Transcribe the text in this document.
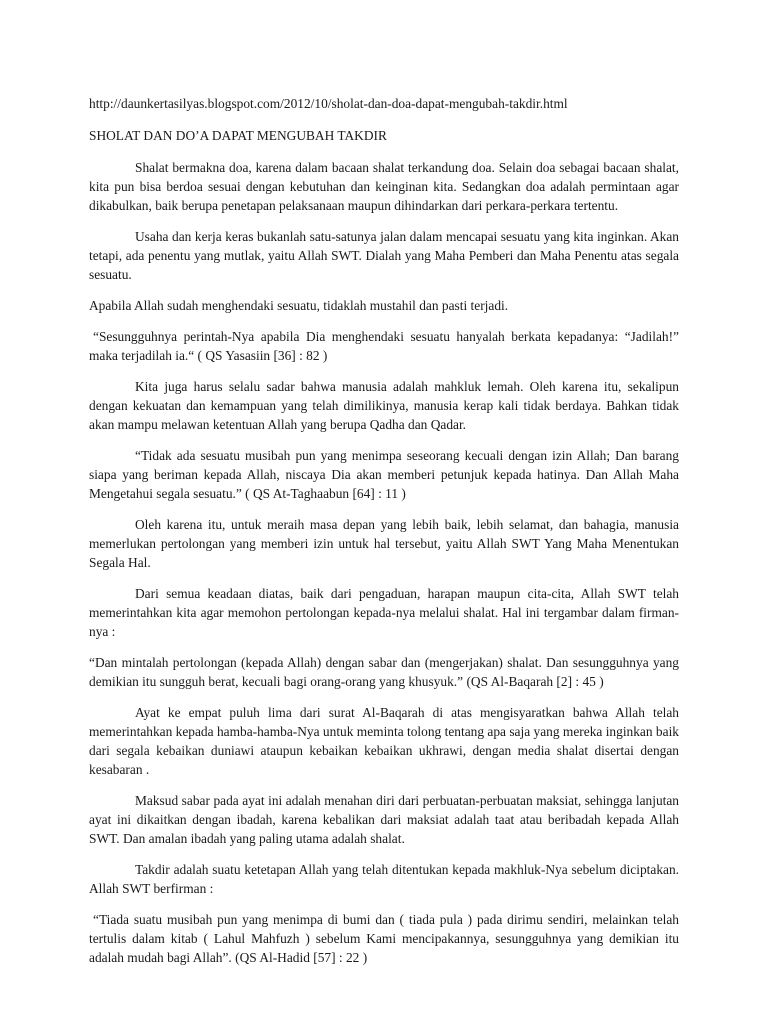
http://daunkertasilyas.blogspot.com/2012/10/sholat-dan-doa-dapat-mengubah-takdir.html

SHOLAT DAN DO’A DAPAT MENGUBAH TAKDIR

Shalat bermakna doa, karena dalam bacaan shalat terkandung doa. Selain doa sebagai bacaan shalat, kita pun bisa berdoa sesuai dengan kebutuhan dan keinginan kita. Sedangkan doa adalah permintaan agar dikabulkan, baik berupa penetapan pelaksanaan maupun dihindarkan dari perkara-perkara tertentu.

Usaha dan kerja keras bukanlah satu-satunya jalan dalam mencapai sesuatu yang kita inginkan. Akan tetapi, ada penentu yang mutlak, yaitu Allah SWT. Dialah yang Maha Pemberi dan Maha Penentu atas segala sesuatu.

Apabila Allah sudah menghendaki sesuatu, tidaklah mustahil dan pasti terjadi.

“Sesungguhnya perintah-Nya apabila Dia menghendaki sesuatu hanyalah berkata kepadanya: “Jadilah!” maka terjadilah ia.“ ( QS Yasasiin [36] : 82 )

Kita juga harus selalu sadar bahwa manusia adalah mahkluk lemah. Oleh karena itu, sekalipun dengan kekuatan dan kemampuan yang telah dimilikinya, manusia kerap kali tidak berdaya. Bahkan tidak akan mampu melawan ketentuan Allah yang berupa Qadha dan Qadar.

“Tidak ada sesuatu musibah pun yang menimpa seseorang kecuali dengan izin Allah; Dan barang siapa yang beriman kepada Allah, niscaya Dia akan memberi petunjuk kepada hatinya. Dan Allah Maha Mengetahui segala sesuatu.” ( QS At-Taghaabun [64] : 11 )

Oleh karena itu, untuk meraih masa depan yang lebih baik, lebih selamat, dan bahagia, manusia memerlukan pertolongan yang memberi izin untuk hal tersebut, yaitu Allah SWT Yang Maha Menentukan Segala Hal.

Dari semua keadaan diatas, baik dari pengaduan, harapan maupun cita-cita, Allah SWT telah memerintahkan kita agar memohon pertolongan kepada-nya melalui shalat. Hal ini tergambar dalam firman-nya :

“Dan mintalah pertolongan (kepada Allah) dengan sabar dan (mengerjakan) shalat. Dan sesungguhnya yang demikian itu sungguh berat, kecuali bagi orang-orang yang khusyuk.” (QS Al-Baqarah [2] : 45 )

Ayat ke empat puluh lima dari surat Al-Baqarah di atas mengisyaratkan bahwa Allah telah memerintahkan kepada hamba-hamba-Nya untuk meminta tolong tentang apa saja yang mereka inginkan baik dari segala kebaikan duniawi ataupun kebaikan kebaikan ukhrawi, dengan media shalat disertai dengan kesabaran .

Maksud sabar pada ayat ini adalah menahan diri dari perbuatan-perbuatan maksiat, sehingga lanjutan ayat ini dikaitkan dengan ibadah, karena kebalikan dari maksiat adalah taat atau beribadah kepada Allah SWT. Dan amalan ibadah yang paling utama adalah shalat.

Takdir adalah suatu ketetapan Allah yang telah ditentukan kepada makhluk-Nya sebelum diciptakan. Allah SWT berfirman :

“Tiada suatu musibah pun yang menimpa di bumi dan ( tiada pula ) pada dirimu sendiri, melainkan telah tertulis dalam kitab ( Lahul Mahfuzh ) sebelum Kami mencipakannya, sesungguhnya yang demikian itu adalah mudah bagi Allah”. (QS Al-Hadid [57] : 22 )
